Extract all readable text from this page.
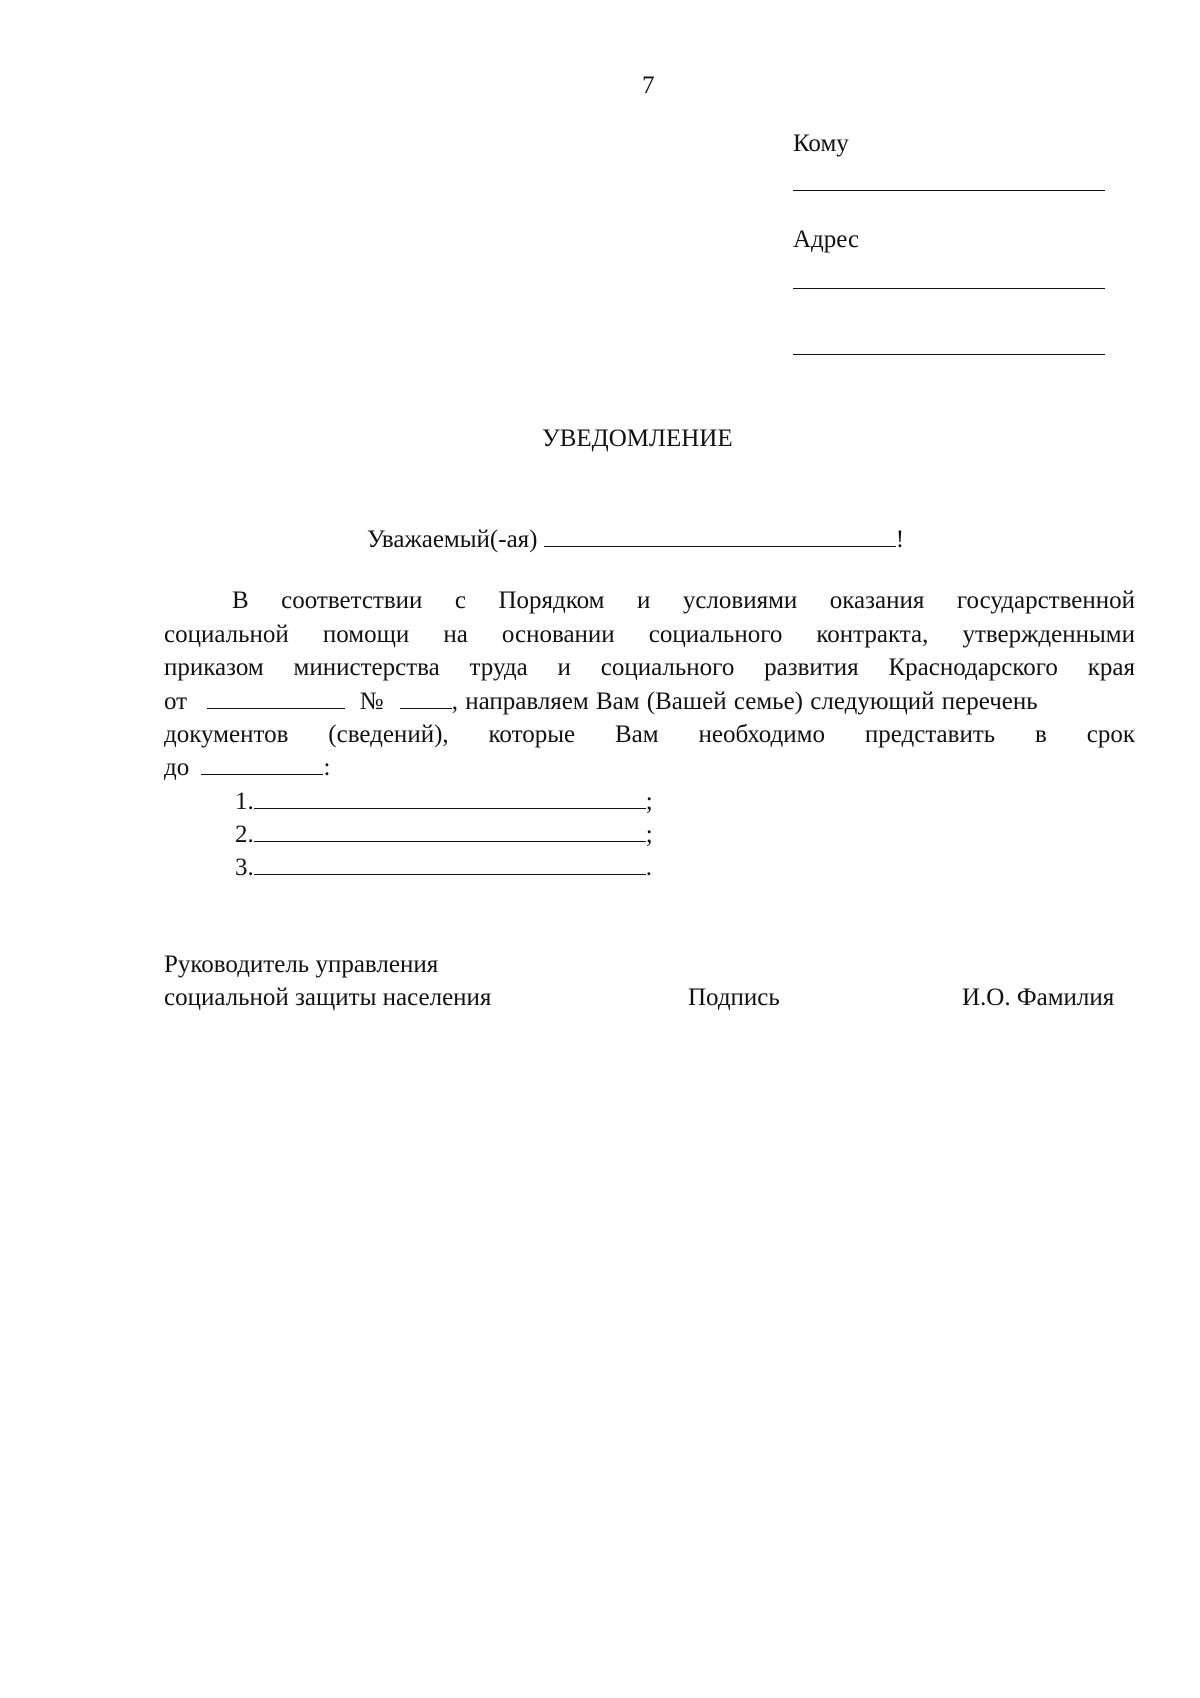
7
Кому
Адрес
УВЕДОМЛЕНИЕ
Уважаемый(-ая)	!
В соответствии с Порядком и условиями оказания государственной
социальной помощи на основании социального контракта, утвержденными
приказом министерства труда и социального развития Краснодарского края
от	№	, направляем Вам (Вашей семье) следующий перечень
документов (сведений), которые Вам необходимо представить в срок
до	:
1.	;
2.	;
3.	.
Руководитель управления
социальной защиты населения	Подпись	И.О. Фамилия
